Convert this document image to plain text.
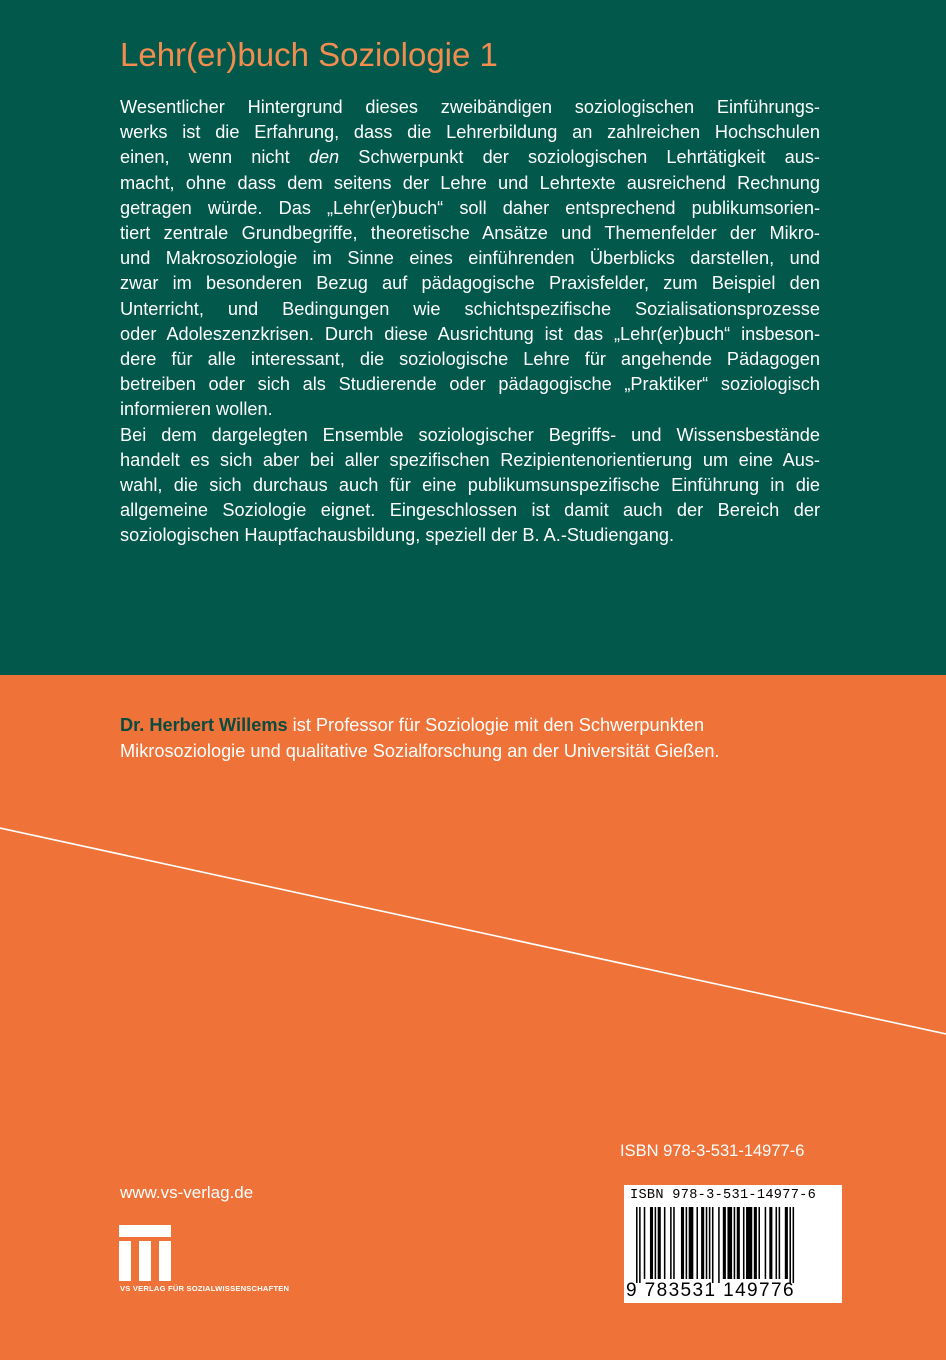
Lehr(er)buch Soziologie 1
Wesentlicher Hintergrund dieses zweibändigen soziologischen Einführungs-
werks ist die Erfahrung, dass die Lehrerbildung an zahlreichen Hochschulen
einen, wenn nicht den Schwerpunkt der soziologischen Lehrtätigkeit aus-
macht, ohne dass dem seitens der Lehre und Lehrtexte ausreichend Rechnung
getragen würde. Das „Lehr(er)buch“ soll daher entsprechend publikumsorien-
tiert zentrale Grundbegriffe, theoretische Ansätze und Themenfelder der Mikro-
und Makrosoziologie im Sinne eines einführenden Überblicks darstellen, und
zwar im besonderen Bezug auf pädagogische Praxisfelder, zum Beispiel den
Unterricht, und Bedingungen wie schichtspezifische Sozialisationsprozesse
oder Adoleszenzkrisen. Durch diese Ausrichtung ist das „Lehr(er)buch“ insbeson-
dere für alle interessant, die soziologische Lehre für angehende Pädagogen
betreiben oder sich als Studierende oder pädagogische „Praktiker“ soziologisch
informieren wollen.
Bei dem dargelegten Ensemble soziologischer Begriffs- und Wissensbestände
handelt es sich aber bei aller spezifischen Rezipientenorientierung um eine Aus-
wahl, die sich durchaus auch für eine publikumsunspezifische Einführung in die
allgemeine Soziologie eignet. Eingeschlossen ist damit auch der Bereich der
soziologischen Hauptfachausbildung, speziell der B. A.-Studiengang.
Dr. Herbert Willems ist Professor für Soziologie mit den Schwerpunkten
Mikrosoziologie und qualitative Sozialforschung an der Universität Gießen.
ISBN 978-3-531-14977-6
www.vs-verlag.de
VS VERLAG FÜR SOZIALWISSENSCHAFTEN
ISBN 978-3-531-14977-6
9 783531 149776
